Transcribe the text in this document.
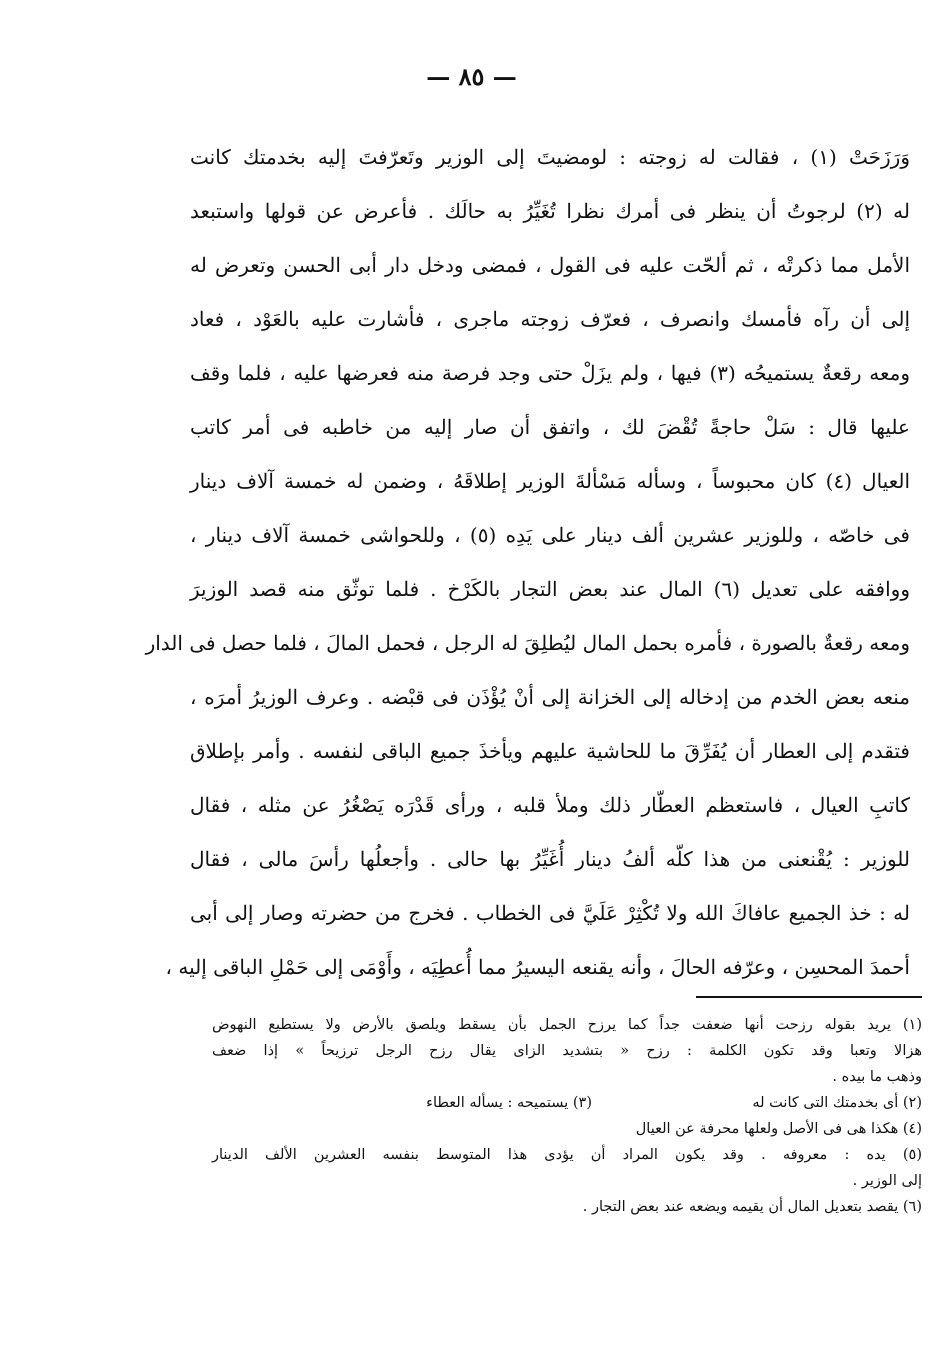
— ٨٥ —

وَرَزَحَتْ (١) ، فقالت له زوجته : لومضيتَ إلى الوزير وتَعرّفتَ إليه بخدمتك كانت

له (٢) لرجوتُ أن ينظر فى أمرك نظرا تُغَيِّرُ به حالَك . فأعرض عن قولها واستبعد

الأمل مما ذكرتْه ، ثم ألحّت عليه فى القول ، فمضى ودخل دار أبى الحسن وتعرض له

إلى أن رآه فأمسك وانصرف ، فعرّف زوجته ماجرى ، فأشارت عليه بالعَوْد ، فعاد

ومعه رقعةٌ يستميحُه (٣) فيها ، ولم يزَلْ حتى وجد فرصة منه فعرضها عليه ، فلما وقف

عليها قال : سَلْ حاجةً تُقْضَ لك ، واتفق أن صار إليه من خاطبه فى أمر كاتب

العيال (٤) كان محبوساً ، وسأله مَسْألةَ الوزير إطلاقَهُ ، وضمن له خمسة آلاف دينار

فى خاصّه ، وللوزير عشرين ألف دينار على يَدِه (٥) ، وللحواشى خمسة آلاف دينار ،

ووافقه على تعديل (٦) المال عند بعض التجار بالكَرْخ . فلما توثّق منه قصد الوزيرَ

ومعه رقعةٌ بالصورة ، فأمره بحمل المال ليُطلِقَ له الرجل ، فحمل المالَ ، فلما حصل فى الدار

منعه بعض الخدم من إدخاله إلى الخزانة إلى أنْ يُؤْذَن فى قبْضه . وعرف الوزيرُ أمرَه ،

فتقدم إلى العطار أن يُفَرِّقَ ما للحاشية عليهم ويأخذَ جميع الباقى لنفسه . وأمر بإطلاق

كاتبِ العيال ، فاستعظم العطّار ذلك وملأ قلبه ، ورأى قَدْرَه يَصْغُرُ عن مثله ، فقال

للوزير : يُقْنعنى من هذا كلّه ألفُ دينار أُغَيِّرُ بها حالى . وأجعلُها رأسَ مالى ، فقال

له : خذ الجميع عافاكَ الله ولا تُكْثِرْ عَلَيَّ فى الخطاب . فخرج من حضرته وصار إلى أبى

أحمدَ المحسِن ، وعرّفه الحالَ ، وأنه يقنعه اليسيرُ مما أُعطِيَه ، وأَوْمَى إلى حَمْلِ الباقى إليه ،

(١) يريد بقوله رزحت أنها ضعفت جداً كما يرزح الجمل بأن يسقط ويلصق بالأرض ولا يستطيع النهوض

هزالا وتعبا وقد تكون الكلمة : رزح « بتشديد الزاى يقال رزح الرجل ترزيحاً » إذا ضعف

وذهب ما بيده .

(٢) أى بخدمتك التى كانت له
(٣) يستميحه : يسأله العطاء

(٤) هكذا هى فى الأصل ولعلها محرفة عن العيال

(٥) يده : معروفه . وقد يكون المراد أن يؤدى هذا المتوسط بنفسه العشرين الألف الدينار

إلى الوزير .

(٦) يقصد بتعديل المال أن يقيمه ويضعه عند بعض التجار .
